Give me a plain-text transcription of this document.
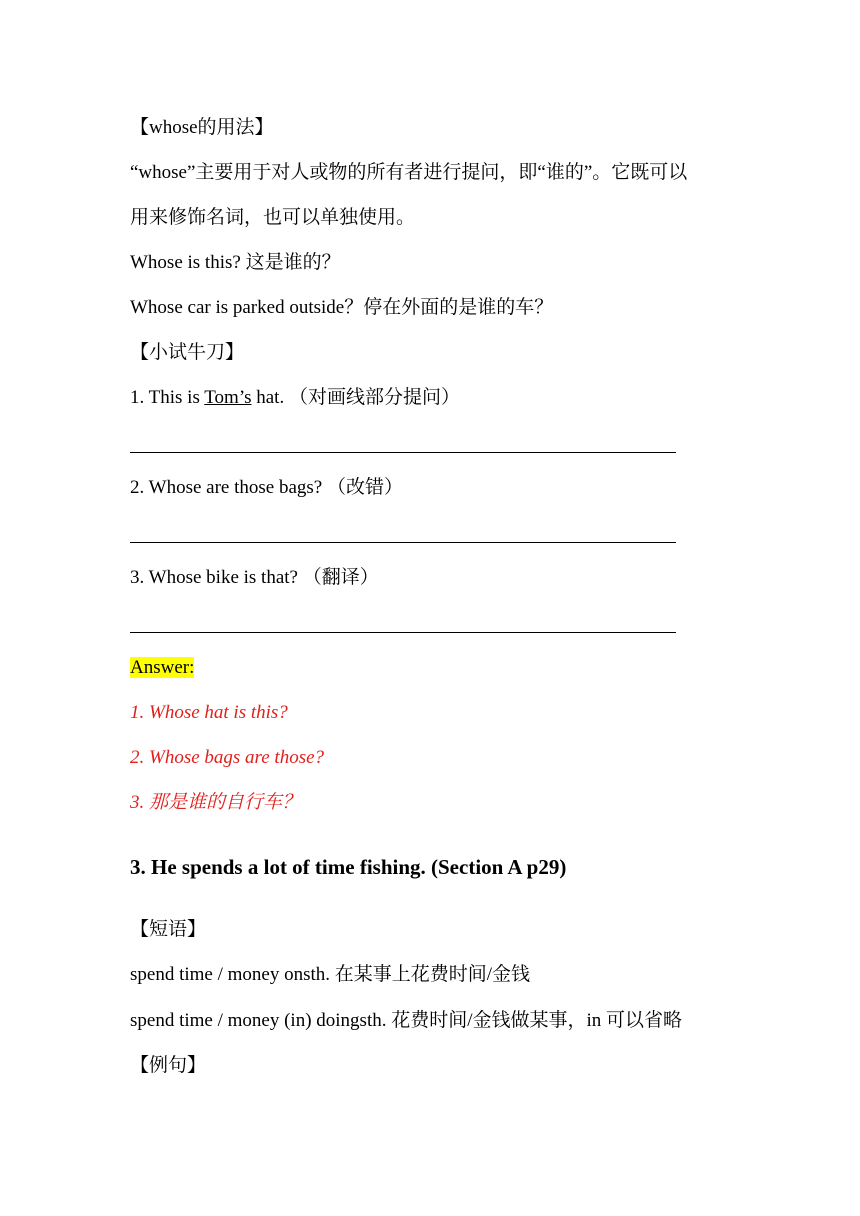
【whose的用法】
“whose”主要用于对人或物的所有者进行提问，即“谁的”。它既可以
用来修饰名词，也可以单独使用。
Whose is this? 这是谁的？
Whose car is parked outside？停在外面的是谁的车？
【小试牛刀】
1. This is Tom’s hat. （对画线部分提问）
2. Whose are those bags? （改错）
3. Whose bike is that? （翻译）
Answer:
1. Whose hat is this?
2. Whose bags are those?
3. 那是谁的自行车？
3. He spends a lot of time fishing. (Section A p29)
【短语】
spend time / money onsth. 在某事上花费时间/金钱
spend time / money (in) doingsth. 花费时间/金钱做某事，in 可以省略
【例句】
